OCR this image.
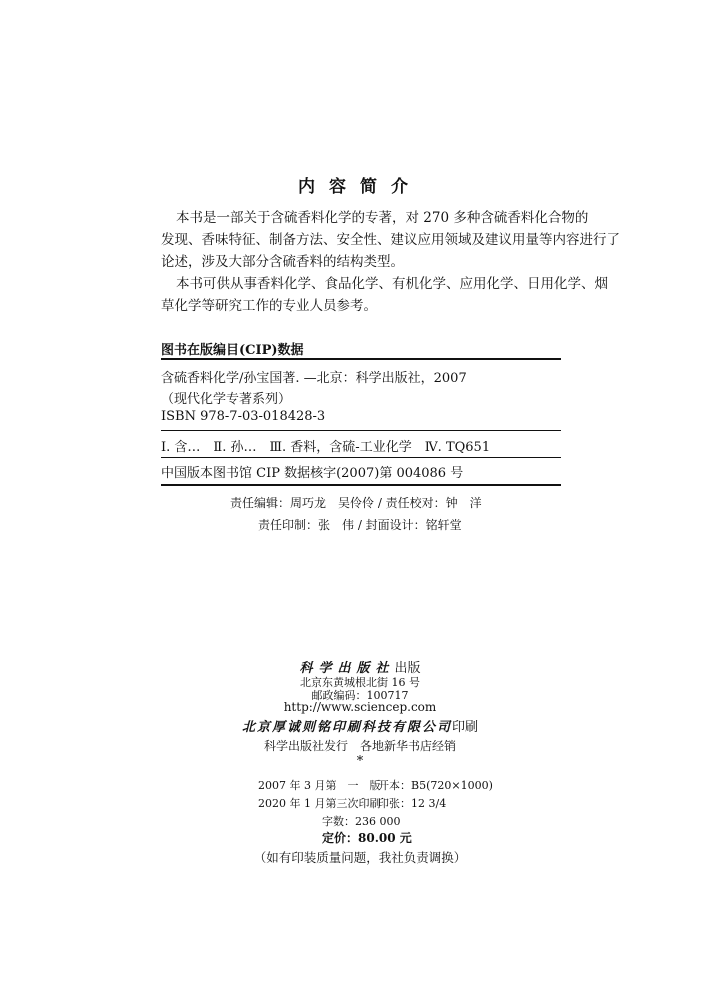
内容简介
本书是一部关于含硫香料化学的专著，对 270 多种含硫香料化合物的
发现、香味特征、制备方法、安全性、建议应用领域及建议用量等内容进行了
论述，涉及大部分含硫香料的结构类型。
本书可供从事香料化学、食品化学、有机化学、应用化学、日用化学、烟
草化学等研究工作的专业人员参考。
图书在版编目(CIP)数据
含硫香料化学/孙宝国著. —北京：科学出版社，2007
（现代化学专著系列）
ISBN 978-7-03-018428-3
Ⅰ. 含…　Ⅱ. 孙…　Ⅲ. 香料，含硫-工业化学　Ⅳ. TQ651
中国版本图书馆 CIP 数据核字(2007)第 004086 号
责任编辑：周巧龙　吴伶伶 / 责任校对：钟　洋
责任印制：张　伟 / 封面设计：铭轩堂
科学出版社出版
北京东黄城根北街 16 号
邮政编码：100717
http://www.sciencep.com
北京厚诚则铭印刷科技有限公司印刷
科学出版社发行　各地新华书店经销
*
2007 年 3 月第　一　版
开本：B5(720×1000)
2020 年 1 月第三次印刷
印张：12 3/4
字数：236 000
定价：80.00 元
（如有印装质量问题，我社负责调换）
